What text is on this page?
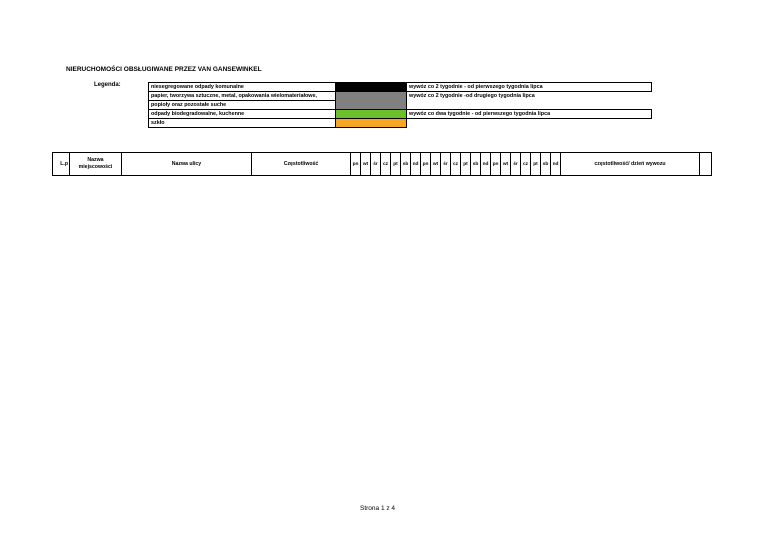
NIERUCHOMOŚCI OBSŁUGIWANE PRZEZ VAN GANSEWINKEL
Legenda:	niesegregowane odpady komunalne		wywóz co 2 tygodnie - od pierwszego tygodnia lipca
papier, tworzywa sztuczne, metal, opakowania wielomateriałowe,		wywóz co 2 tygodnie -od drugiego tygodnia lipca
popioły oraz pozostałe suche		
odpady biodegradowalne, kuchenne		wywóz co dwa tygodnie - od pierwszego tygodnia lipca
szkło		
L.p	Nazwa miejscowości	Nazwa ulicy	Częstotliwość	pn	wt	śr	cz	pt	sb	nd	pn	wt	śr	cz	pt	sb	nd	pn	wt	śr	cz	pt	sb	nd	częstotliwość/ dzień wywozu	
Strona 1 z 4
